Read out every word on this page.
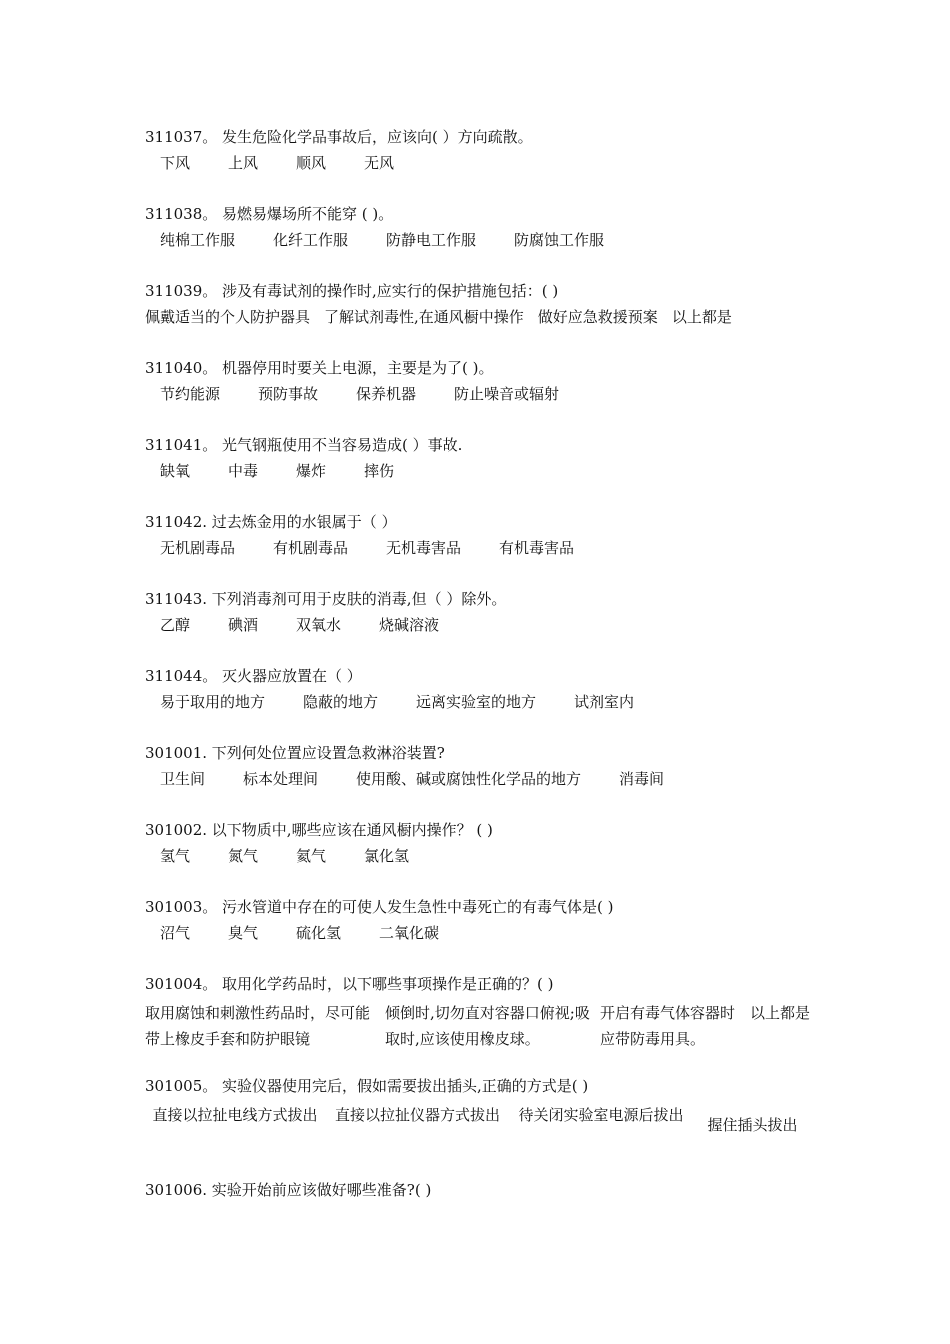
311037。 发生危险化学品事故后，应该向( ）方向疏散。
下风	上风	顺风	无风
311038。 易燃易爆场所不能穿 ( )。
纯棉工作服	化纤工作服	防静电工作服	防腐蚀工作服
311039。 涉及有毒试剂的操作时,应实行的保护措施包括：( )
佩戴适当的个人防护器具 了解试剂毒性,在通风橱中操作 做好应急救援预案 以上都是
311040。 机器停用时要关上电源，主要是为了( )。
节约能源	预防事故	保养机器	防止噪音或辐射
311041。 光气钢瓶使用不当容易造成( ）事故.
缺氧	中毒	爆炸	摔伤
311042. 过去炼金用的水银属于（ ）
无机剧毒品	有机剧毒品	无机毒害品	有机毒害品
311043. 下列消毒剂可用于皮肤的消毒,但（ ）除外。
乙醇	碘酒	双氧水	烧碱溶液
311044。 灭火器应放置在（ ）
易于取用的地方	隐蔽的地方	远离实验室的地方	试剂室内
301001. 下列何处位置应设置急救淋浴装置?
卫生间	标本处理间	使用酸、碱或腐蚀性化学品的地方	消毒间
301002. 以下物质中,哪些应该在通风橱内操作？ ( )
氢气	氮气	氦气	氯化氢
301003。 污水管道中存在的可使人发生急性中毒死亡的有毒气体是( )
沼气	臭气	硫化氢	二氧化碳
301004。 取用化学药品时，以下哪些事项操作是正确的？( )
取用腐蚀和刺激性药品时，尽可能带上橡皮手套和防护眼镜
倾倒时,切勿直对容器口俯视;吸取时,应该使用橡皮球。
开启有毒气体容器时应带防毒用具。
以上都是
301005。 实验仪器使用完后，假如需要拔出插头,正确的方式是( )
直接以拉扯电线方式拔出	直接以拉扯仪器方式拔出	待关闭实验室电源后拔出
握住插头拔出
301006. 实验开始前应该做好哪些准备?( )
